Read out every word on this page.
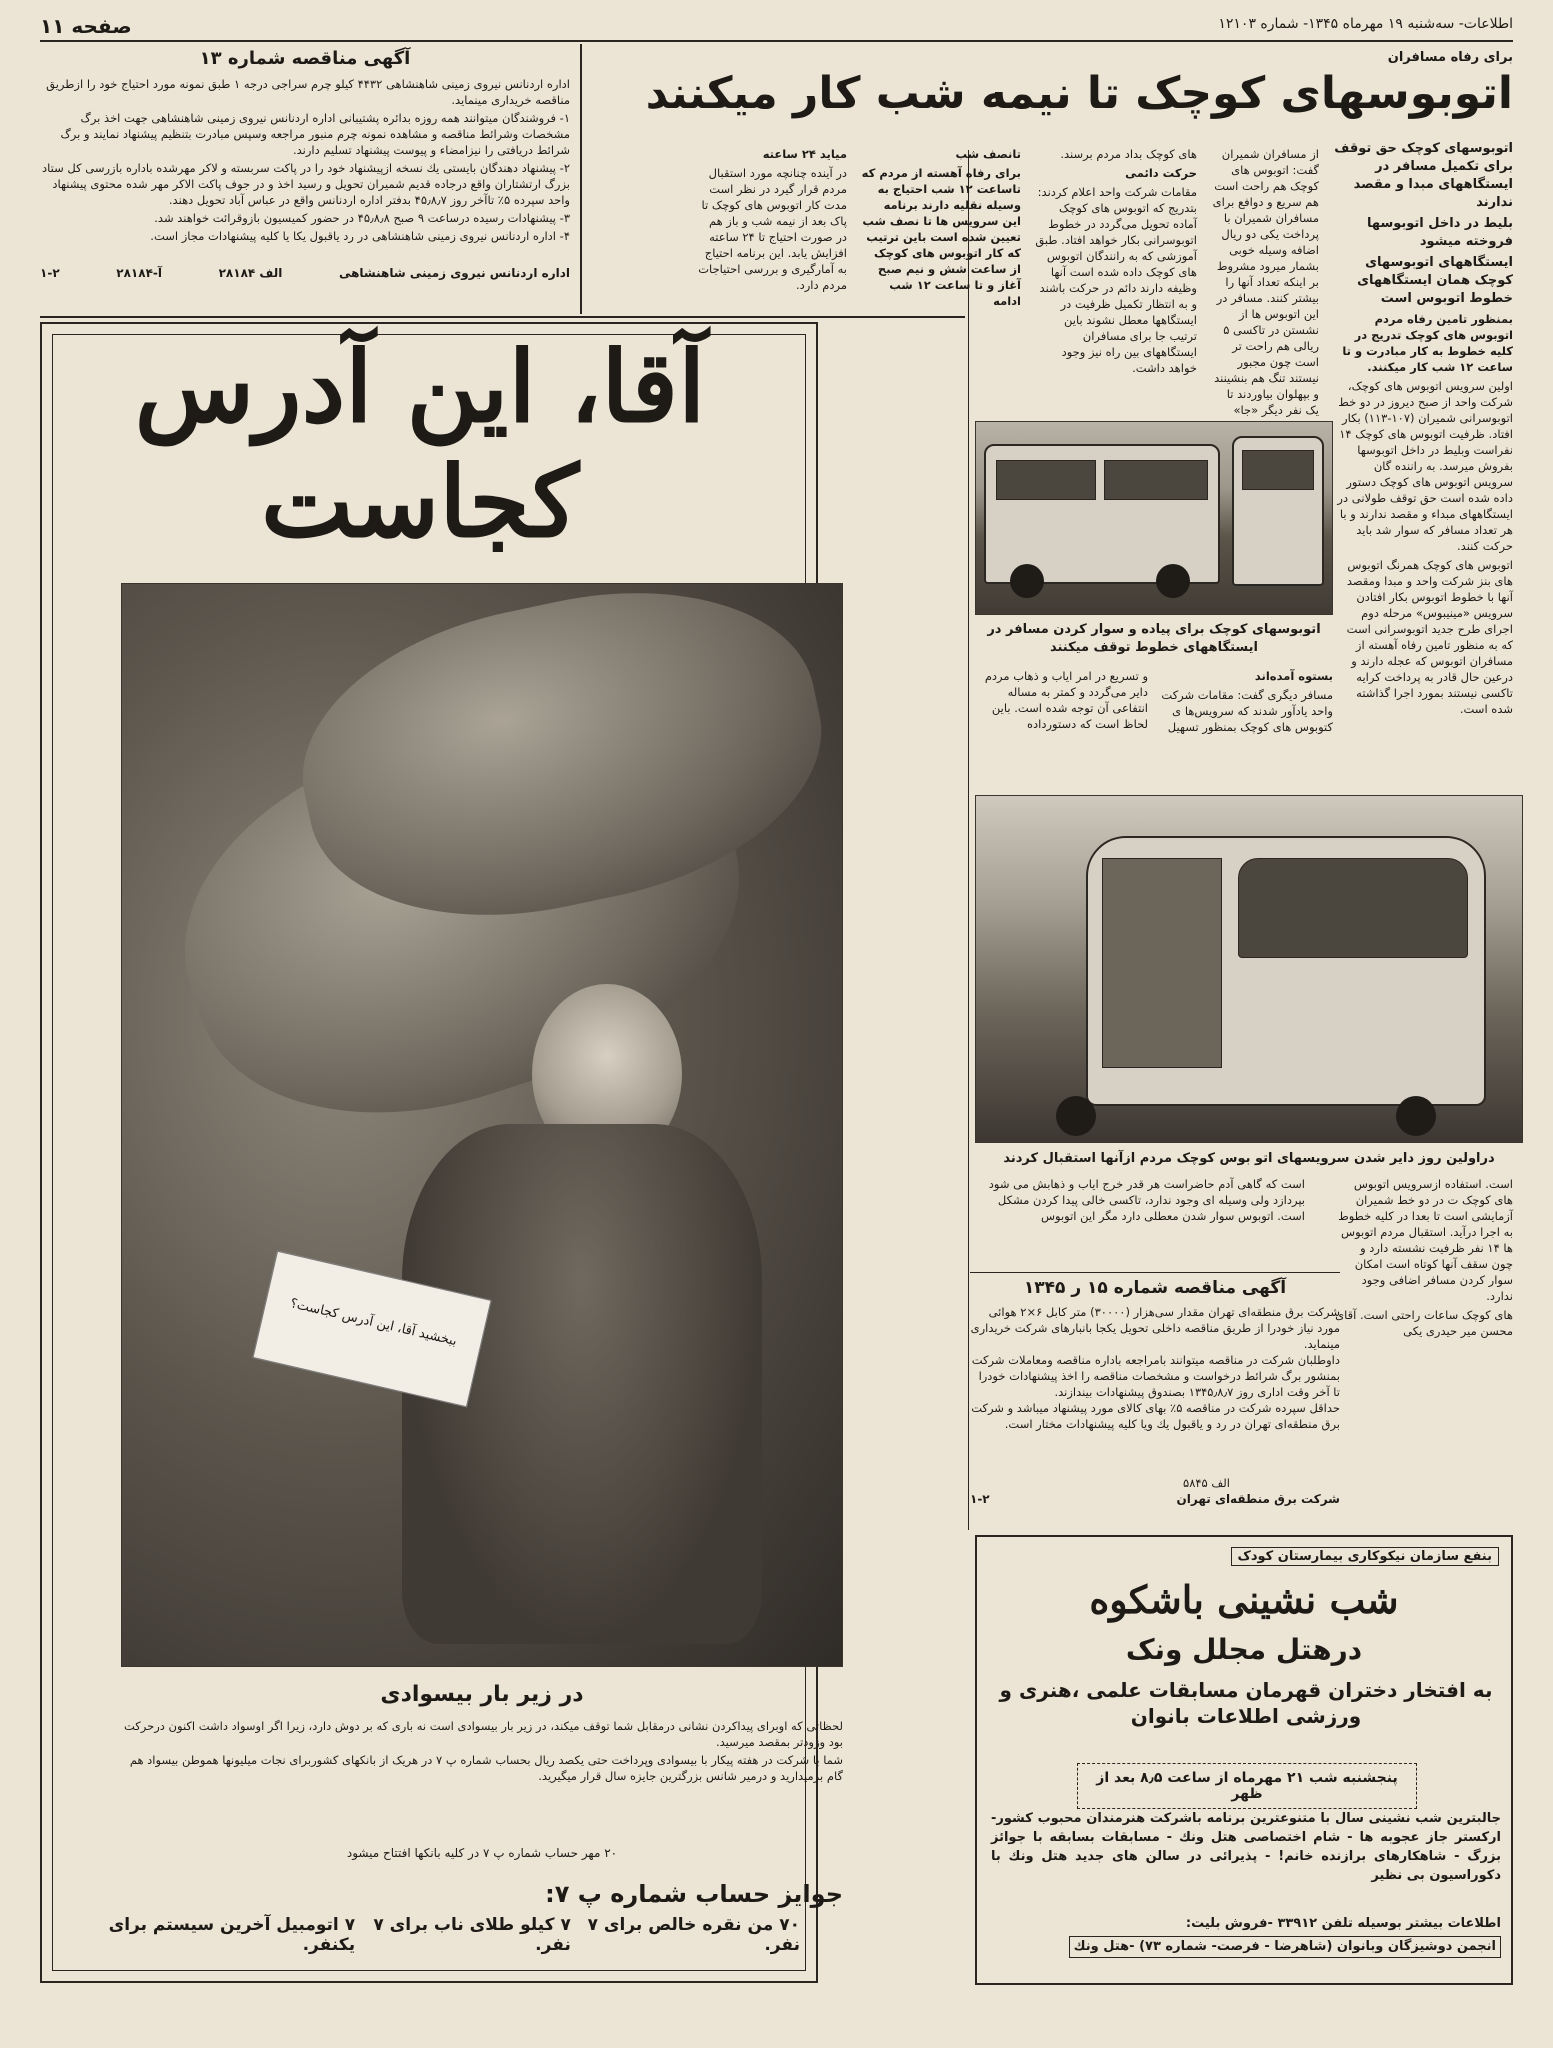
صفحه ۱۱	اطلاعات- سه‌شنبه ۱۹ مهرماه ۱۳۴۵- شماره ۱۲۱۰۳
آگهی مناقصه شماره ۱۳

اداره اردنانس نیروی زمینی شاهنشاهی ۴۴۳۲ کیلو چرم سراجی درجه ۱ طبق نمونه مورد احتیاج خود را ازطریق مناقصه خریداری مینماید.

۱- فروشندگان میتوانند همه روزه بدائره پشتیبانی اداره اردنانس نیروی زمینی شاهنشاهی جهت اخذ برگ مشخصات وشرائط مناقصه و مشاهده نمونه چرم منبور مراجعه وسپس مبادرت بتنظیم پیشنهاد نمایند و برگ شرائط دریافتی را نیزامضاء و پیوست پیشنهاد تسلیم دارند.

۲- پیشنهاد دهندگان بایستی یك نسخه ازپیشنهاد خود را در پاکت سربسته و لاکر مهرشده باداره بازرسی کل ستاد بزرگ ارتشتاران واقع درجاده قدیم شمیران تحویل و رسید اخذ و در جوف پاکت الاکر مهر شده محتوی پیشنهاد واحد سپرده ۵٪ تاآخر روز ۴۵٫۸٫۷ بدفتر اداره اردنانس واقع در عباس آباد تحویل دهند.

۳- پیشنهادات رسیده درساعت ۹ صبح ۴۵٫۸٫۸ در حضور کمیسیون بازوقرائت خواهند شد.

۴- اداره اردنانس نیروی زمینی شاهنشاهی در رد یاقبول یکا یا کلیه پیشنهادات مجاز است.

اداره اردنانس نیروی زمینی شاهنشاهی
الف ۲۸۱۸۴
آ-۲۸۱۸۴
۱-۲
برای رفاه مسافران
اتوبوسهای کوچک تا نیمه شب کار میکنند

اتوبوسهای کوچک حق توقف برای تکمیل مسافر در ایستگاههای مبدا و مقصد ندارند

بلیط در داخل اتوبوسها فروخته میشود

ایستگاههای اتوبوسهای کوچک همان ایستگاههای خطوط اتوبوس است

بمنظور تامین رفاه مردم اتوبوس های کوچک تدریج در کلیه خطوط به کار مبادرت و تا ساعت ۱۲ شب کار میکنند.

اولین سرویس اتوبوس های کوچک، شرکت واحد از صبح دیروز در دو خط اتوبوسرانی شمیران (۱۰۷-۱۱۳) بکار افتاد. ظرفیت اتوبوس های کوچک ۱۴ نفراست وبلیط در داخل اتوبوسها بفروش میرسد. به راننده گان سرویس اتوبوس های کوچک دستور داده شده است حق توقف طولانی در ایستگاههای مبداء و مقصد ندارند و با هر تعداد مسافر که سوار شد باید حرکت کنند.

اتوبوس های کوچک همرنگ اتوبوس های بنز شرکت واحد و مبدا ومقصد آنها با خطوط اتوبوس بکار افتادن سرویس «مینیبوس» مرحله دوم اجرای طرح جدید اتوبوسرانی است که به منظور تامین رفاه آهسته از مسافران اتوبوس که عجله دارند و درعین حال قادر به پرداخت کرایه تاکسی نیستند بمورد اجرا گذاشته شده است.

از مسافران شمیران گفت: اتوبوس های کوچک هم راحت است هم سریع و دوافع برای مسافران شمیران با پرداخت یکی دو ریال اضافه وسیله خوبی بشمار میرود مشروط بر اینکه تعداد آنها را بیشتر کنند. مسافر در این اتوبوس ها از نشستن در تاکسی ۵ ریالی هم راحت تر است چون مجبور نیستند تنگ هم بنشینند و بپهلوان بیاوردند تا یک نفر دیگر «جا»

های کوچک بداد مردم برسند.

حرکت دائمی

مقامات شرکت واحد اعلام کردند: بتدریج که اتوبوس های کوچک آماده تحویل می‌گردد در خطوط اتوبوسرانی بکار خواهد افتاد. طبق آموزشی که به رانندگان اتوبوس های کوچک داده شده است آنها وظیفه دارند دائم در حرکت باشند و به انتظار تکمیل ظرفیت در ایستگاهها معطل نشوند باین ترتیب جا برای مسافران ایستگاههای بین راه نیز وجود خواهد داشت.

تانصف شب

برای رفاه آهسته از مردم که تاساعت ۱۲ شب احتیاج به وسیله نقلیه دارند برنامه این سرویس ها تا نصف شب تعیین شده است باین ترتیب که کار اتوبوس های کوچک از ساعت شش و نیم صبح آغاز و تا ساعت ۱۲ شب ادامه

میاید ۲۴ ساعته

در آینده چنانچه مورد استقبال مردم قرار گیرد در نظر است مدت کار اتوبوس های کوچک تا پاک بعد از نیمه شب و باز هم در صورت احتیاج تا ۲۴ ساعته افزایش یابد. این برنامه احتیاج به آمارگیری و بررسی احتیاجات مردم دارد.

اتوبوسهای کوچک برای پیاده و سوار کردن مسافر در ایستگاههای خطوط توقف میکنند

بستوه آمده‌اند

مسافر دیگری گفت: مقامات شرکت واحد یادآور شدند که سرویس‌ها ی کتوبوس های کوچک بمنظور تسهیل و تسریع در امر ایاب و ذهاب مردم دایر می‌گردد و کمتر به مساله انتفاعی آن توجه شده است. باین لحاظ است که دستورداده

دراولین روز دایر شدن سرویسهای اتو بوس کوچک مردم ازآنها استقبال کردند

است. استفاده ازسرویس اتوبوس های کوچک ت در دو خط شمیران آزمایشی است تا بعدا در کلیه خطوط به اجرا درآید. استقبال مردم اتوبوس ها ۱۴ نفر ظرفیت نشسته دارد و چون سقف آنها کوتاه است امکان سوار کردن مسافر اضافی وجود ندارد.

های کوچک ساعات راحتی است. آقای محسن میر حیدری یکی

است که گاهی آدم حاضراست هر قدر خرج ایاب و ذهابش می شود بپردازد ولی وسیله ای وجود ندارد، تاکسی خالی پیدا کردن مشکل است. اتوبوس سوار شدن معطلی دارد مگر این اتوبوس

آگهی مناقصه شماره ۱۵ ر ۱۳۴۵

شرکت برق منطقه‌ای تهران مقدار سی‌هزار (۳۰۰۰۰) متر کابل ۶×۲ هوائی مورد نیاز خودرا از طریق مناقصه داخلی تحویل یکجا بانبارهای شرکت خریداری مینماید.

داوطلبان شرکت در مناقصه میتوانند بامراجعه باداره مناقصه ومعاملات شرکت بمنشور برگ شرائط درخواست و مشخصات مناقصه را اخذ پیشنهادات خودرا تا آخر وقت اداری روز ۱۳۴۵٫۸٫۷ بصندوق پیشنهادات بیندازند.

حداقل سپرده شرکت در مناقصه ۵٪ بهای کالای مورد پیشنهاد میباشد و شرکت برق منطقه‌ای تهران در رد و یاقبول یك ویا کلیه پیشنهادات مختار است.

الف ۵۸۴۵
شرکت برق منطقه‌ای تهران
۱-۲
آقا، این آدرس کجاست
ببخشید آقا، این آدرس کجاست؟
در زیر بار بیسوادی

لحظاتی که اوبرای پیداکردن نشانی درمقابل شما توقف میکند، در زیر بار بیسوادی است نه باری که بر دوش دارد، زیرا اگر اوسواد داشت اکنون درحرکت بود وزودتر بمقصد میرسید.

شما با شرکت در هفته پیکار با بیسوادی وپرداخت حتی یکصد ریال بحساب شماره پ ۷ در هریک از بانکهای کشوربرای نجات میلیونها هموطن بیسواد هم گام برمیدارید و درمیر شانس بزرگترین جایزه سال قرار میگیرید.

۲۰ مهر حساب شماره پ ۷ در کلیه بانکها افتتاح میشود
جوایز حساب شماره پ ۷:
۷ اتومبیل آخرین سیستم برای یکنفر.
۷ کیلو طلای ناب برای ۷ نفر.
۷۰ من نقره خالص برای ۷ نفر.
بنفع سازمان نیکوکاری بیمارستان کودک
شب نشینی باشکوه
درهتل مجلل ونک
به افتخار دختران قهرمان مسابقات علمی ،هنری و ورزشی اطلاعات بانوان
پنجشنبه شب ۲۱ مهرماه از ساعت ۸٫۵ بعد از ظهر
جالبترین شب نشینی سال با متنوعترین برنامه باشرکت هنرمندان محبوب کشور- ارکستر جاز عجوبه ها - شام اختصاصی هتل ونك - مسابقات بسابقه با جوائز بزرگ - شاهکارهای برازنده خانم! - پذیرائی در سالن های جدید هتل ونك با دکوراسیون بی نظیر
اطلاعات بیشتر بوسیله تلفن ۳۳۹۱۲ -فروش بلیت:
انجمن دوشیزگان وبانوان (شاهرضا - فرصت- شماره ۷۳) -هتل ونك
